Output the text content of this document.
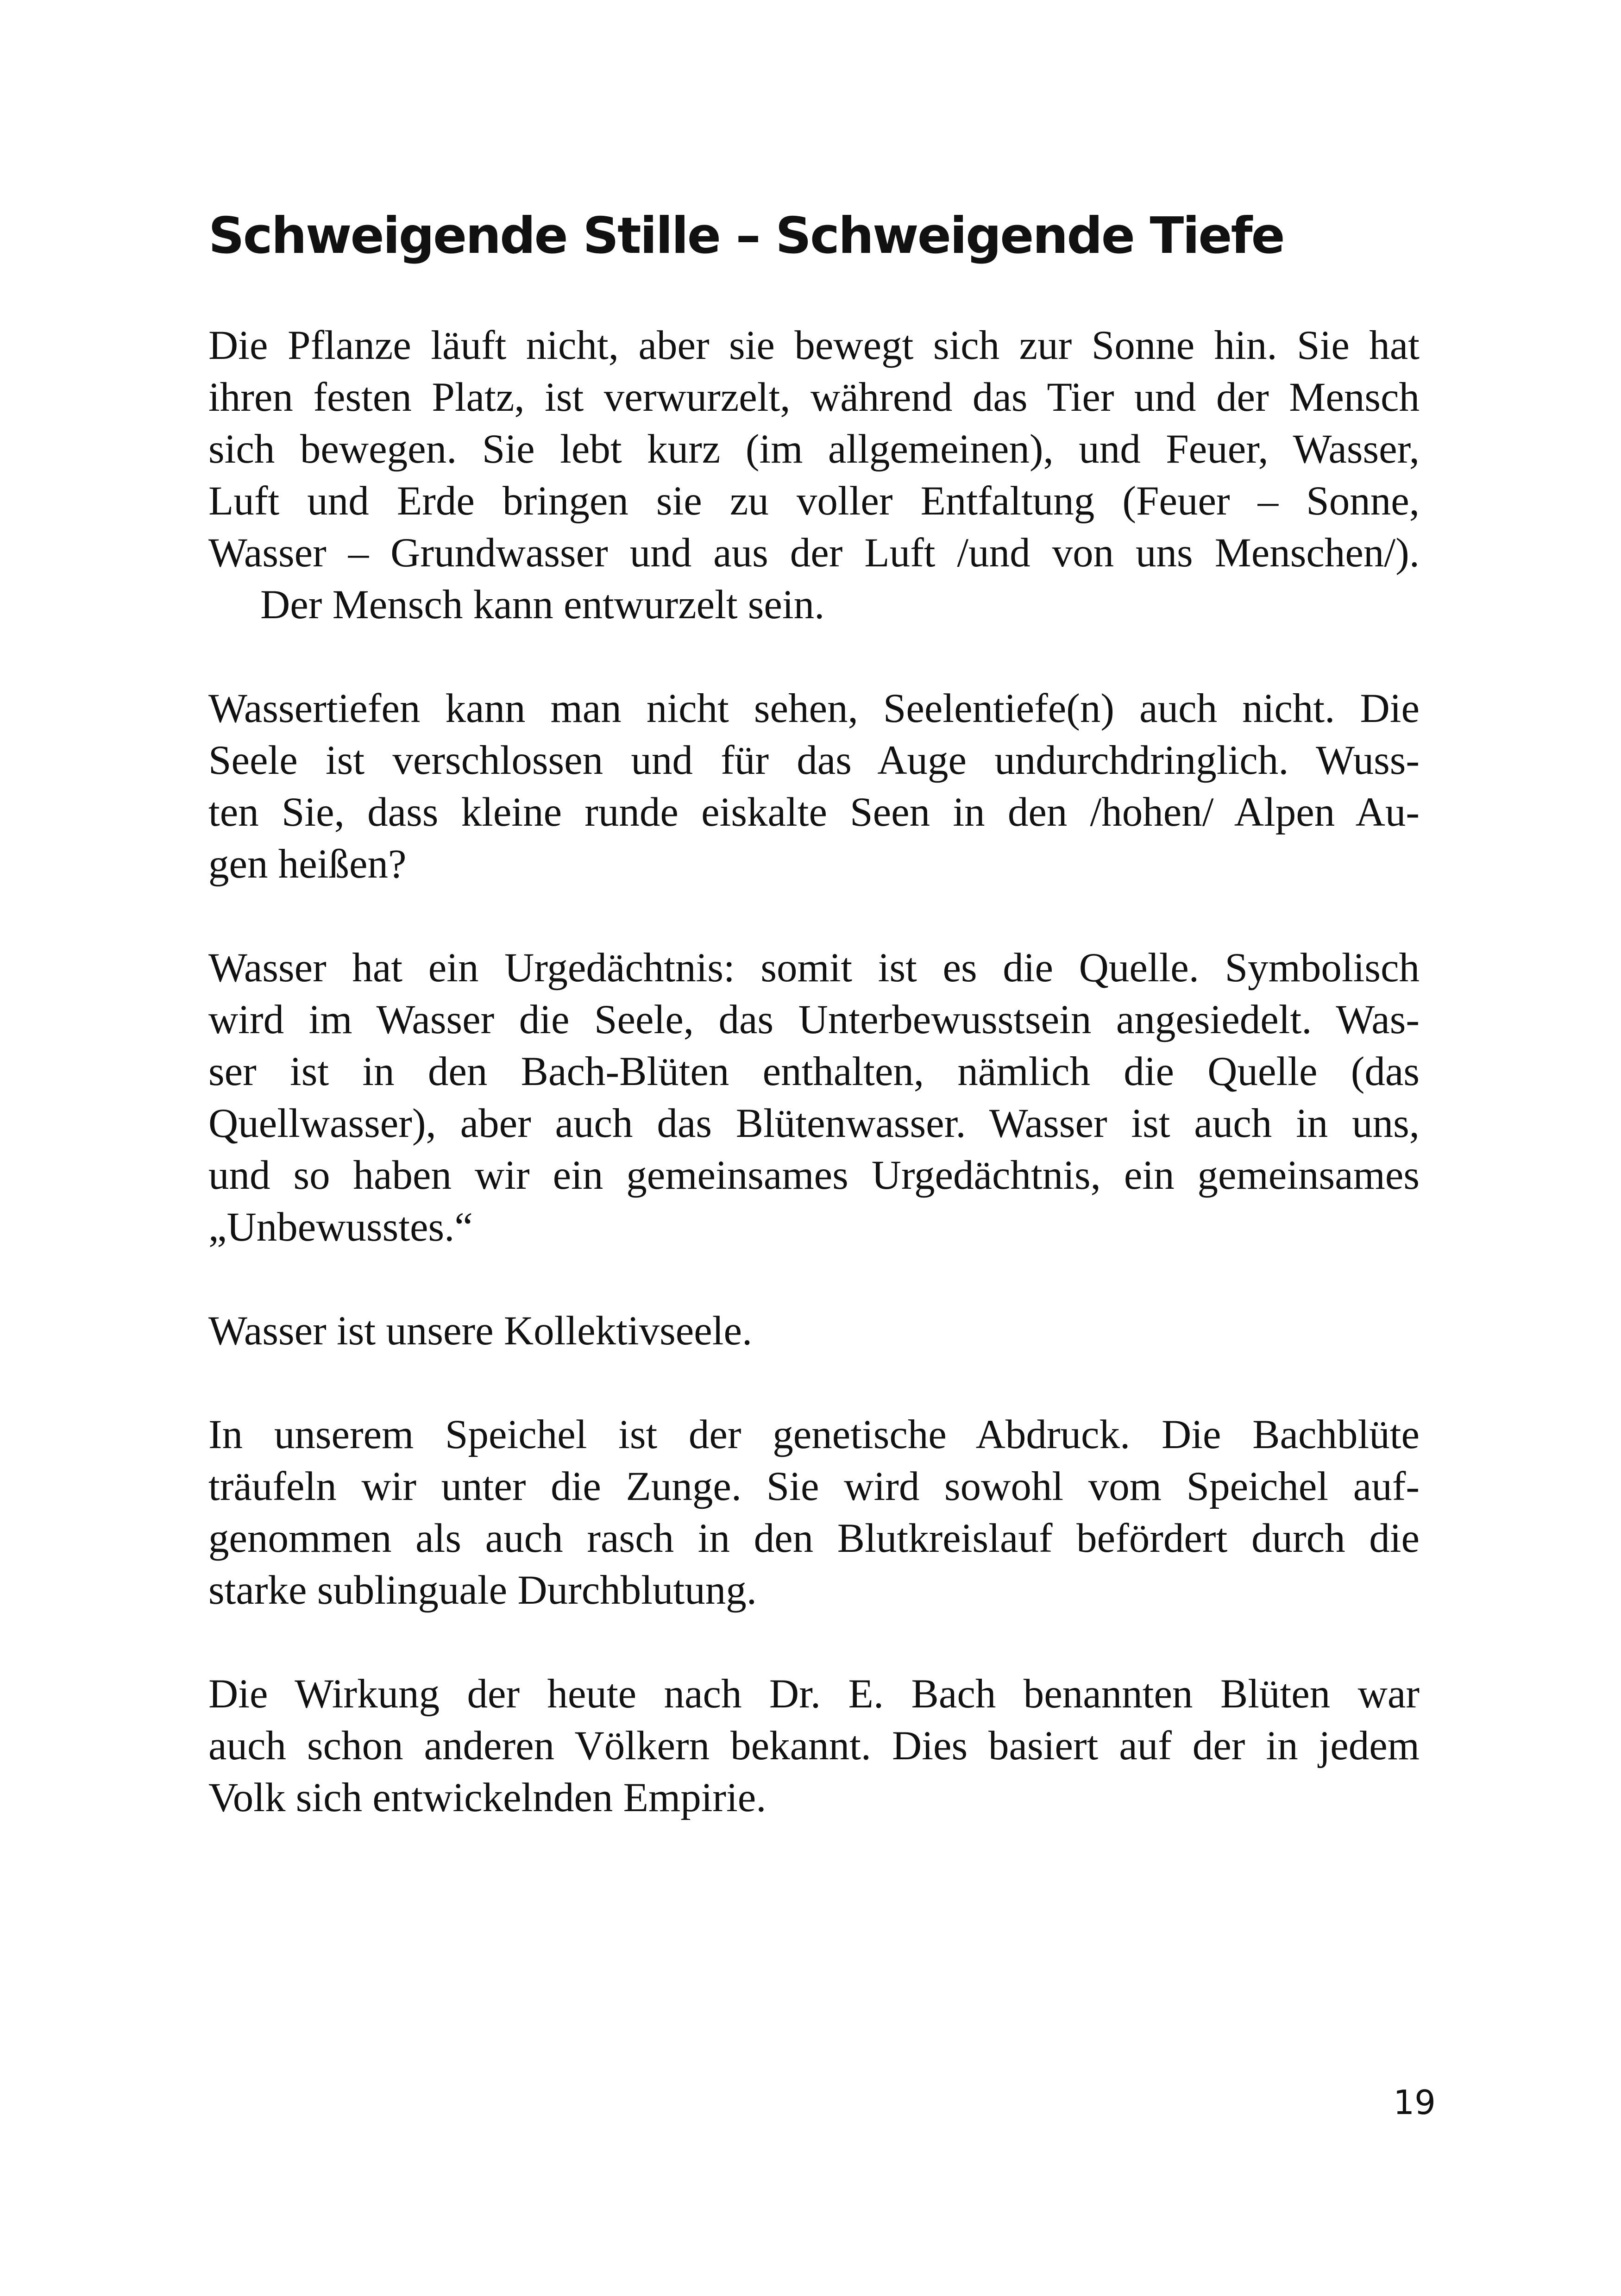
Schweigende Stille – Schweigende Tiefe

Die Pflanze läuft nicht, aber sie bewegt sich zur Sonne hin. Sie hat
ihren festen Platz, ist verwurzelt, während das Tier und der Mensch
sich bewegen. Sie lebt kurz (im allgemeinen), und Feuer, Wasser,
Luft und Erde bringen sie zu voller Entfaltung (Feuer – Sonne,
Wasser – Grundwasser und aus der Luft /und von uns Menschen/).
Der Mensch kann entwurzelt sein.

Wassertiefen kann man nicht sehen, Seelentiefe(n) auch nicht. Die
Seele ist verschlossen und für das Auge undurchdringlich. Wuss-
ten Sie, dass kleine runde eiskalte Seen in den /hohen/ Alpen Au-
gen heißen?

Wasser hat ein Urgedächtnis: somit ist es die Quelle. Symbolisch
wird im Wasser die Seele, das Unterbewusstsein angesiedelt. Was-
ser ist in den Bach-Blüten enthalten, nämlich die Quelle (das
Quellwasser), aber auch das Blütenwasser. Wasser ist auch in uns,
und so haben wir ein gemeinsames Urgedächtnis, ein gemeinsames
„Unbewusstes.“

Wasser ist unsere Kollektivseele.

In unserem Speichel ist der genetische Abdruck. Die Bachblüte
träufeln wir unter die Zunge. Sie wird sowohl vom Speichel auf-
genommen als auch rasch in den Blutkreislauf befördert durch die
starke sublinguale Durchblutung.

Die Wirkung der heute nach Dr. E. Bach benannten Blüten war
auch schon anderen Völkern bekannt. Dies basiert auf der in jedem
Volk sich entwickelnden Empirie.

19
